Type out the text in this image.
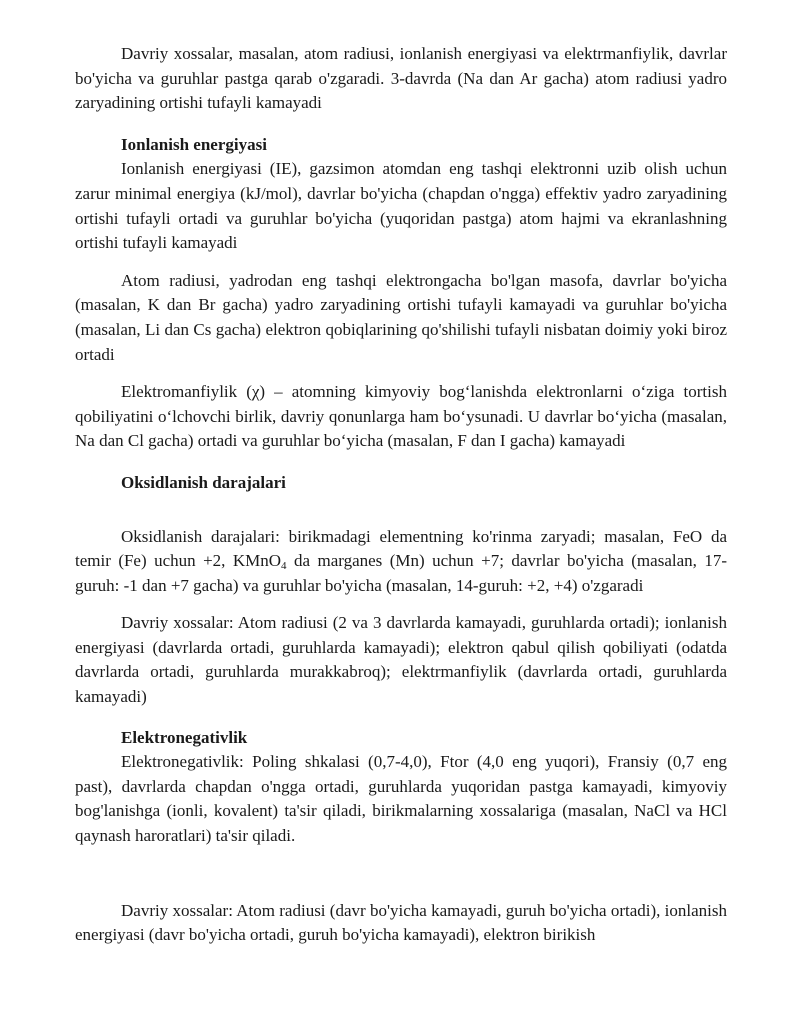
Davriy xossalar, masalan, atom radiusi, ionlanish energiyasi va elektrmanfiylik, davrlar bo'yicha va guruhlar pastga qarab o'zgaradi. 3-davrda (Na dan Ar gacha) atom radiusi yadro zaryadining ortishi tufayli kamayadi

Ionlanish energiyasi

Ionlanish energiyasi (IE), gazsimon atomdan eng tashqi elektronni uzib olish uchun zarur minimal energiya (kJ/mol), davrlar bo'yicha (chapdan o'ngga) effektiv yadro zaryadining ortishi tufayli ortadi va guruhlar bo'yicha (yuqoridan pastga) atom hajmi va ekranlashning ortishi tufayli kamayadi

Atom radiusi, yadrodan eng tashqi elektrongacha bo'lgan masofa, davrlar bo'yicha (masalan, K dan Br gacha) yadro zaryadining ortishi tufayli kamayadi va guruhlar bo'yicha (masalan, Li dan Cs gacha) elektron qobiqlarining qo'shilishi tufayli nisbatan doimiy yoki biroz ortadi

Elektromanfiylik (χ) – atomning kimyoviy bogʻlanishda elektronlarni oʻziga tortish qobiliyatini oʻlchovchi birlik, davriy qonunlarga ham boʻysunadi. U davrlar boʻyicha (masalan, Na dan Cl gacha) ortadi va guruhlar boʻyicha (masalan, F dan I gacha) kamayadi

Oksidlanish darajalari

Oksidlanish darajalari: birikmadagi elementning ko'rinma zaryadi; masalan, FeO da temir (Fe) uchun +2, KMnO$_4$ da marganes (Mn) uchun +7; davrlar bo'yicha (masalan, 17-guruh: -1 dan +7 gacha) va guruhlar bo'yicha (masalan, 14-guruh: +2, +4) o'zgaradi

Davriy xossalar: Atom radiusi (2 va 3 davrlarda kamayadi, guruhlarda ortadi); ionlanish energiyasi (davrlarda ortadi, guruhlarda kamayadi); elektron qabul qilish qobiliyati (odatda davrlarda ortadi, guruhlarda murakkabroq); elektrmanfiylik (davrlarda ortadi, guruhlarda kamayadi)

Elektronegativlik

Elektronegativlik: Poling shkalasi (0,7-4,0), Ftor (4,0 eng yuqori), Fransiy (0,7 eng past), davrlarda chapdan o'ngga ortadi, guruhlarda yuqoridan pastga kamayadi, kimyoviy bog'lanishga (ionli, kovalent) ta'sir qiladi, birikmalarning xossalariga (masalan, NaCl va HCl qaynash haroratlari) ta'sir qiladi.

Davriy xossalar: Atom radiusi (davr bo'yicha kamayadi, guruh bo'yicha ortadi), ionlanish energiyasi (davr bo'yicha ortadi, guruh bo'yicha kamayadi), elektron birikish
